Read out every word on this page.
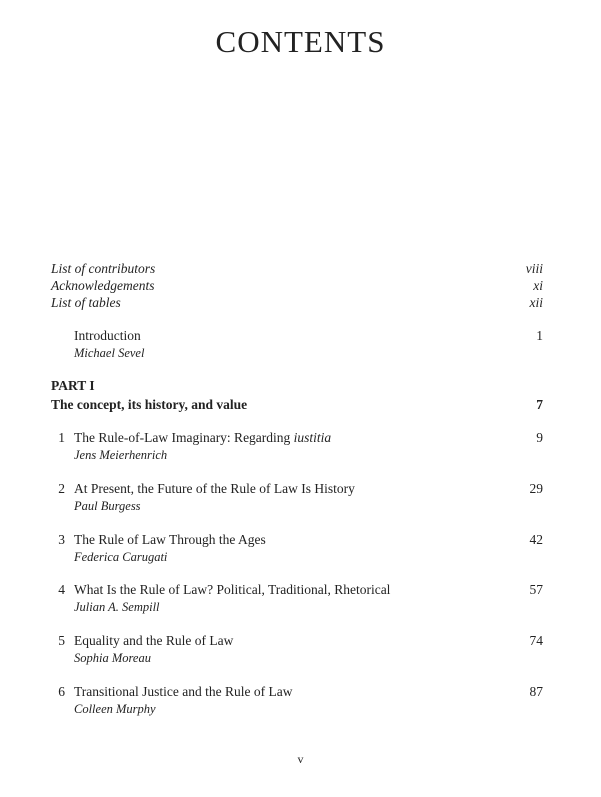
CONTENTS
List of contributors	viii
Acknowledgements	xi
List of tables	xii
Introduction	1
Michael Sevel
PART I
The concept, its history, and value	7
1 The Rule-of-Law Imaginary: Regarding iustitia	9
Jens Meierhenrich
2 At Present, the Future of the Rule of Law Is History	29
Paul Burgess
3 The Rule of Law Through the Ages	42
Federica Carugati
4 What Is the Rule of Law? Political, Traditional, Rhetorical	57
Julian A. Sempill
5 Equality and the Rule of Law	74
Sophia Moreau
6 Transitional Justice and the Rule of Law	87
Colleen Murphy
v
